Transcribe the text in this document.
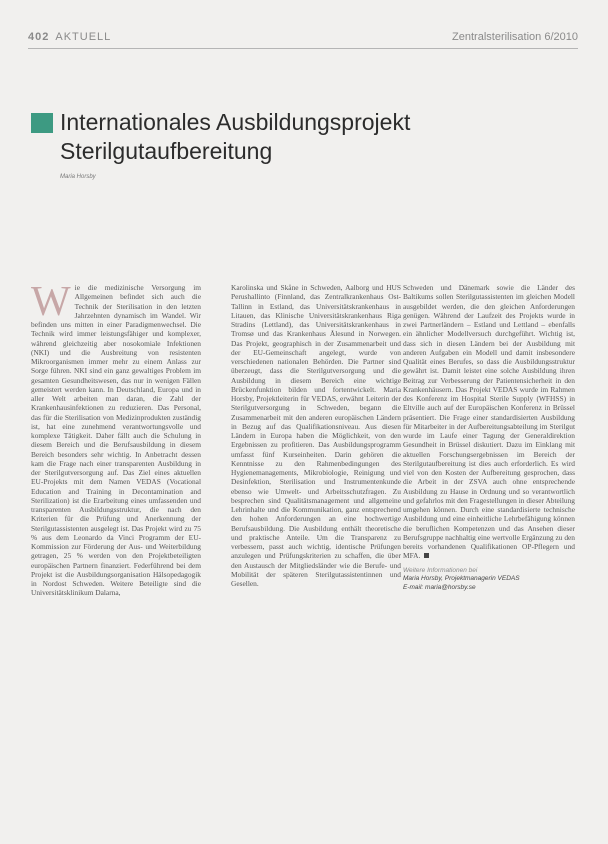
402 AKTUELL	Zentralsterilisation 6/2010
Internationales Ausbildungsprojekt Sterilgutaufbereitung
Maria Horsby
W ie die medizinische Versorgung im Allgemeinen befindet sich auch die Technik der Sterilisation in den letzten Jahrzehnten dynamisch im Wandel. Wir befinden uns mitten in einer Paradigmenwechsel. Die Technik wird immer leistungsfähiger und komplexer, während gleichzeitig aber nosokomiale Infektionen (NKI) und die Ausbreitung von resistenten Mikroorganismen immer mehr zu einem Anlass zur Sorge führen. NKI sind ein ganz gewaltiges Problem im gesamten Gesundheitswesen, das nur in wenigen Fällen gemeistert werden kann. In Deutschland, Europa und in aller Welt arbeiten man daran, die Zahl der Krankenhausinfektionen zu reduzieren. Das Personal, das für die Sterilisation von Medizinprodukten zuständig ist, hat eine zunehmend verantwortungsvolle und komplexe Tätigkeit. Daher fällt auch die Schulung in diesem Bereich und die Berufsausbildung in diesem Bereich besonders sehr wichtig. In Anbetracht dessen kam die Frage nach einer transparenten Ausbildung in der Sterilgutversorgung auf. Das Ziel eines aktuellen EU-Projekts mit dem Namen VEDAS (Vocational Education and Training in Decontamination and Sterilization) ist die Erarbeitung eines umfassenden und transparenten Ausbildungsstruktur, die nach den Kriterien für die Prüfung und Anerkennung der Sterilgutassistenten ausgelegt ist. Das Projekt wird zu 75 % aus dem Leonardo da Vinci Programm der EU-Kommission zur Förderung der Aus- und Weiterbildung getragen, 25 % werden von den Projektbeteiligten europäischen Partnern finanziert. Federführend bei dem Projekt ist die Ausbildungsorganisation Hälsopedagogik in Nordost Schweden. Weitere Beteiligte sind die Universitätsklinikum Dalarna,

Karolinska und Skåne in Schweden, Aalborg und HUS Perushallinto (Finnland, das Zentralkrankenhaus Ost-Tallinn in Estland, das Universitätskrankenhaus in Litauen, das Klinische Universitätskrankenhaus Riga Stradins (Lettland), das Universitätskrankenhaus in Tromsø und das Krankenhaus Ålesund in Norwegen. Das Projekt, geographisch in der Zusammenarbeit und der EU-Gemeinschaft angelegt, wurde von verschiedenen nationalen Behörden. Die Partner sind überzeugt, dass die Sterilgutversorgung und die Ausbildung in diesem Bereich eine wichtige Brückenfunktion bilden und fortentwickelt. Maria Horsby, Projektleiterin für VEDAS, erwähnt Leiterin der Sterilgutversorgung in Schweden, begann die Zusammenarbeit mit den anderen europäischen Ländern in Bezug auf das Qualifikationsniveau. Aus diesen Ländern in Europa haben die Möglichkeit, von den Ergebnissen zu profitieren. Das Ausbildungsprogramm umfasst fünf Kurseinheiten. Darin gehören die Kenntnisse zu den Rahmenbedingungen des Hygienemanagements, Mikrobiologie, Reinigung und Desinfektion, Sterilisation und Instrumentenkunde ebenso wie Umwelt- und Arbeitsschutzfragen. Zu besprechen sind Qualitätsmanagement und allgemeine Lehrinhalte und die Kommunikation, ganz entsprechend den hohen Anforderungen an eine hochwertige Berufsausbildung. Die Ausbildung enthält theoretische und praktische Anteile. Um die Transparenz zu verbessern, passt auch wichtig, identische Prüfungen anzulegen und Prüfungskriterien zu schaffen, die über den Austausch der Mitgliedsländer wie die Berufe- und Mobilität der späteren Sterilgutassistentinnen und Gesellen.

Schweden und Dänemark sowie die Länder des Baltikums sollen Sterilgutassistenten im gleichen Modell ausgebildet werden, die den gleichen Anforderungen genügen. Während der Laufzeit des Projekts wurde in zwei Partnerländern – Estland und Lettland – ebenfalls ein ähnlicher Modellversuch durchgeführt. Wichtig ist, dass sich in diesen Ländern bei der Ausbildung mit anderen Aufgaben ein Modell und damit insbesondere Qualität eines Berufes, so dass die Ausbildungsstruktur gewährt ist. Damit leistet eine solche Ausbildung ihren Beitrag zur Verbesserung der Patientensicherheit in den Krankenhäusern. Das Projekt VEDAS wurde im Rahmen des Konferenz im Hospital Sterile Supply (WFHSS) in Eltville auch auf der Europäischen Konferenz in Brüssel präsentiert. Die Frage einer standardisierten Ausbildung für Mitarbeiter in der Aufbereitungsabteilung im Sterilgut wurde im Laufe einer Tagung der Generaldirektion Gesundheit in Brüssel diskutiert. Dazu im Einklang mit aktuellen Forschungsergebnissen im Bereich der Sterilgutaufbereitung ist dies auch erforderlich. Es wird viel von den Kosten der Aufbereitung gesprochen, dass die Arbeit in der ZSVA auch ohne entsprechende Ausbildung zu Hause in Ordnung und so verantwortlich und gefahrlos mit den Fragestellungen in dieser Abteilung umgehen können. Durch eine standardisierte technische Ausbildung und eine einheitliche Lehrbefähigung können die beruflichen Kompetenzen und das Ansehen dieser Berufsgruppe nachhaltig eine wertvolle Ergänzung zu den bereits vorhandenen Qualifikationen OP-Pflegern und MFA.

Weitere Informationen bei
Maria Horsby, Projektmanagerin VEDAS
E-mail: maria@horsby.se
